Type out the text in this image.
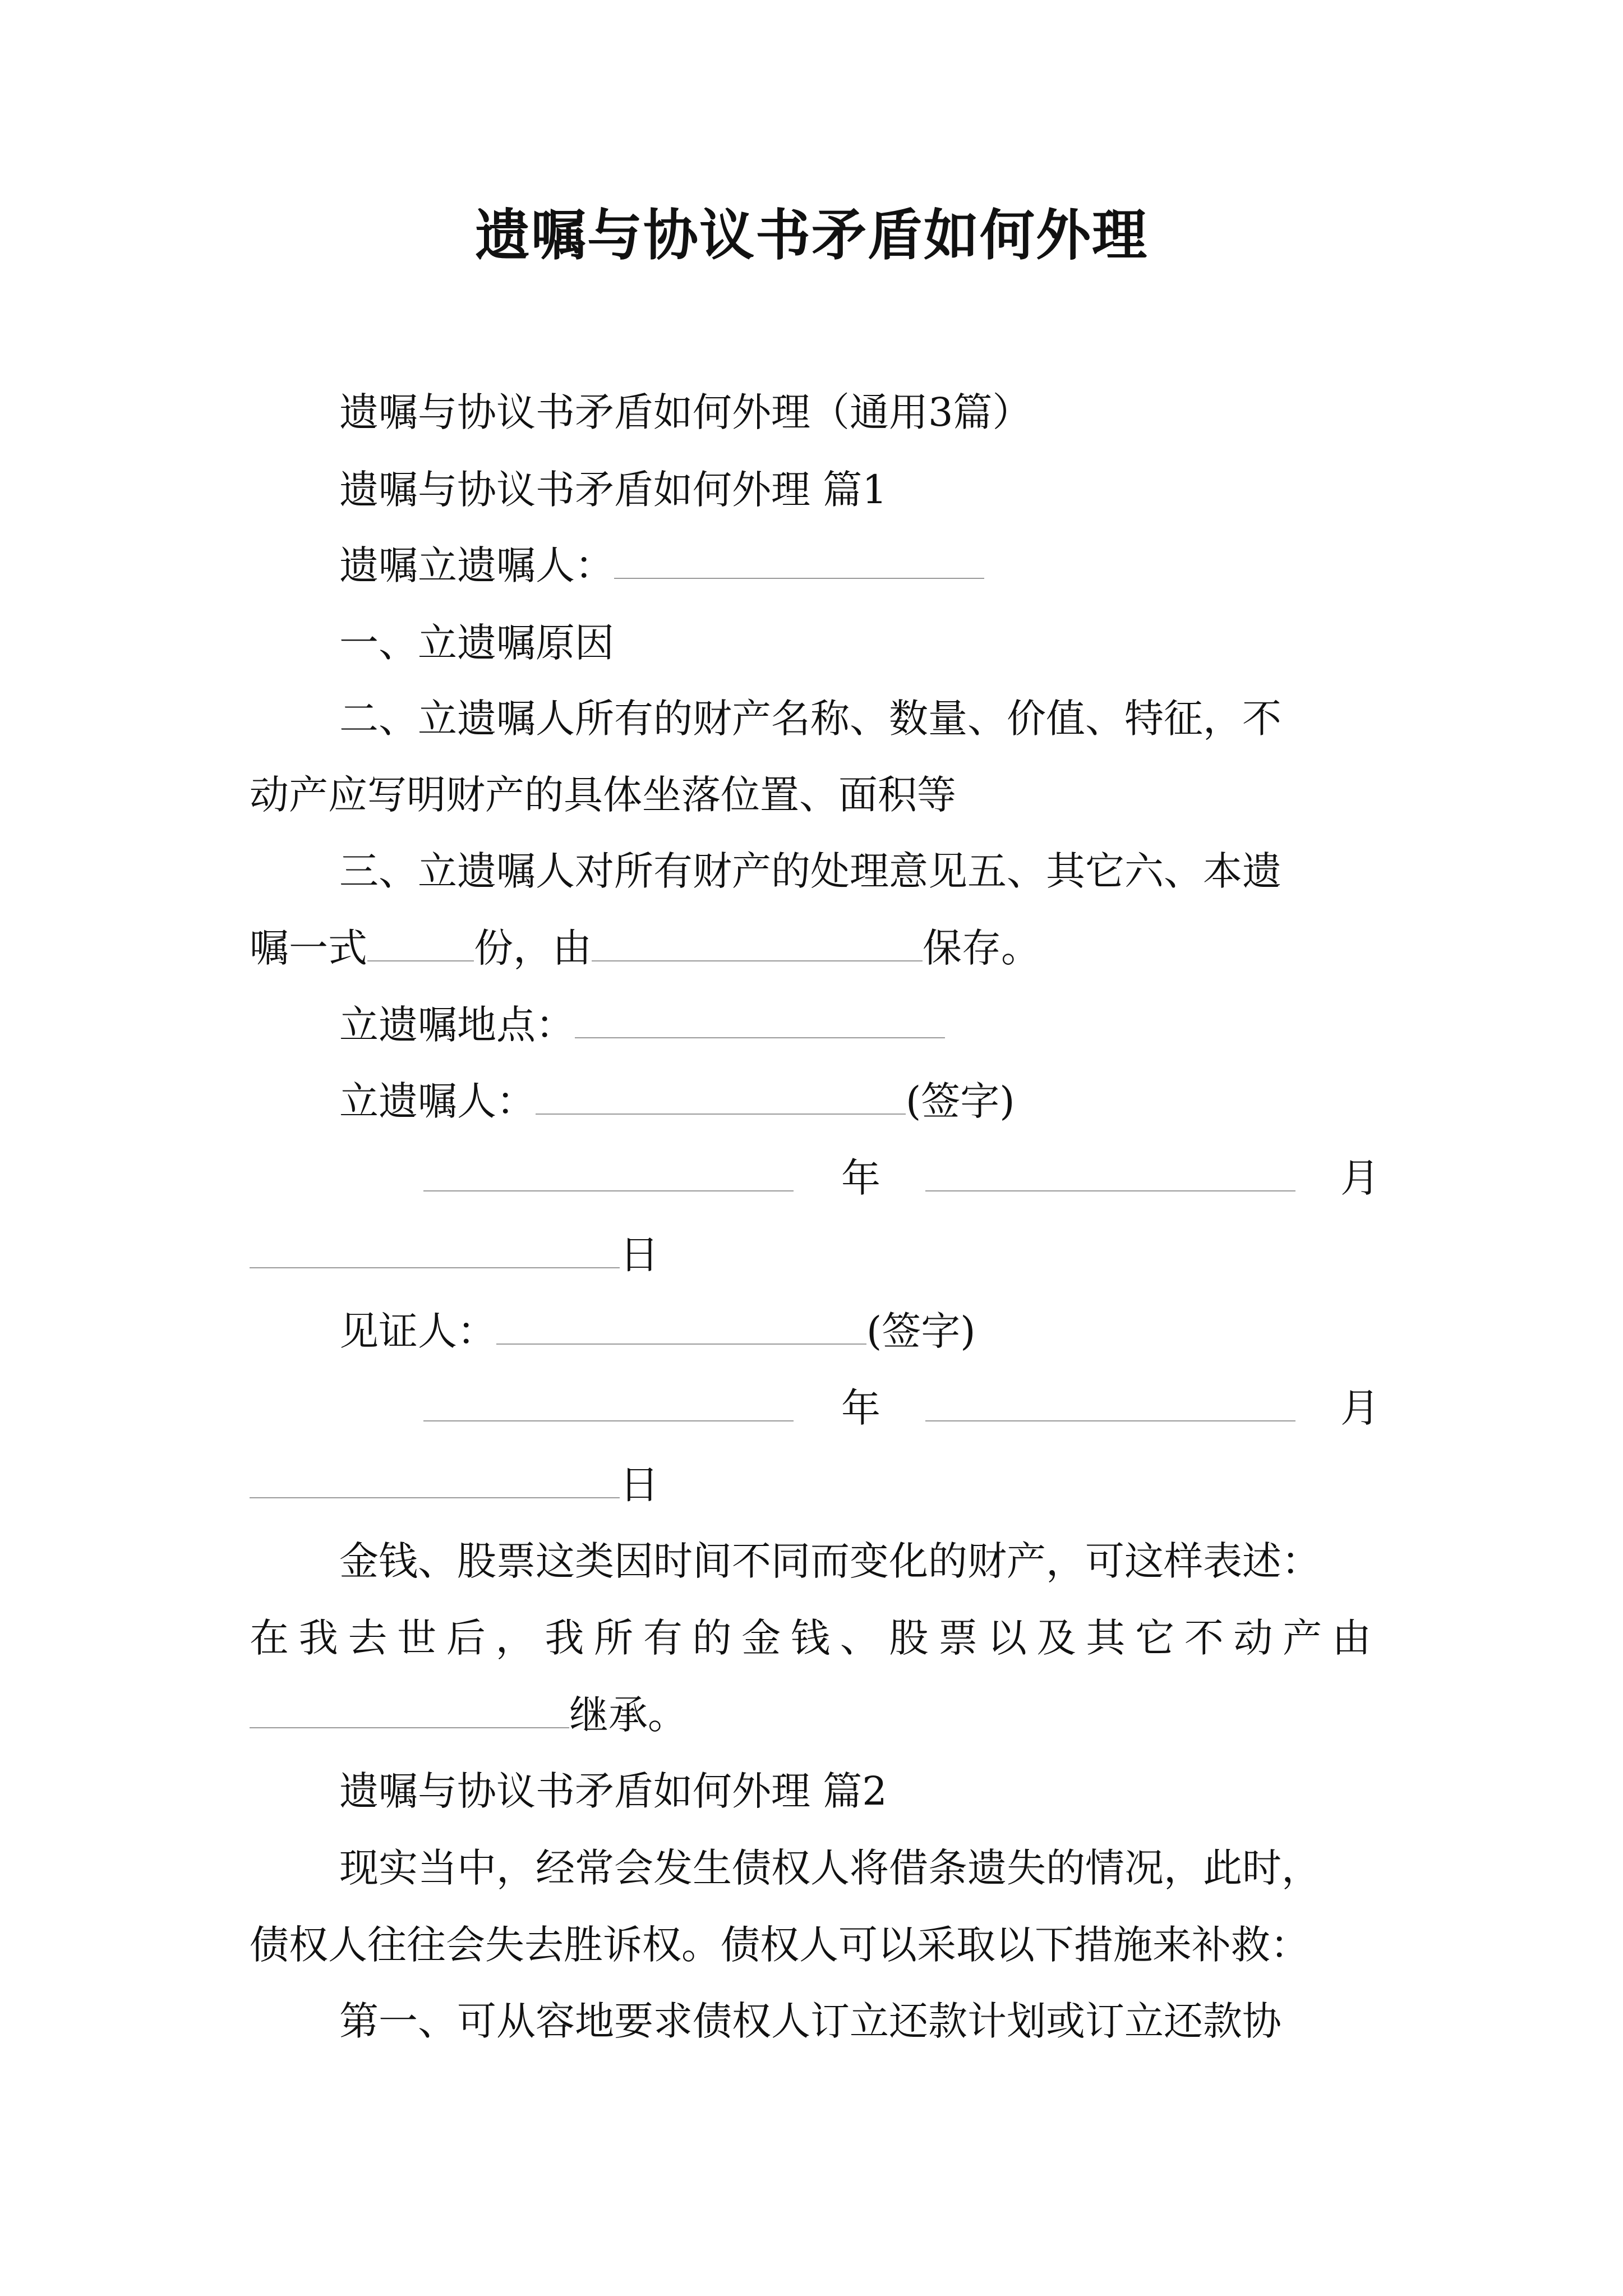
遗嘱与协议书矛盾如何外理
遗嘱与协议书矛盾如何外理（通用3篇）
遗嘱与协议书矛盾如何外理 篇1
遗嘱立遗嘱人：
一、立遗嘱原因
二、立遗嘱人所有的财产名称、数量、价值、特征，不
动产应写明财产的具体坐落位置、面积等
三、立遗嘱人对所有财产的处理意见五、其它六、本遗
嘱一式	份，由	保存。
立遗嘱地点：
立遗嘱人：	(签字)
年	月
日
见证人：	(签字)
年	月
日
金钱、股票这类因时间不同而变化的财产，可这样表述：
在我去世后，我所有的金钱、股票以及其它不动产由
继承。
遗嘱与协议书矛盾如何外理 篇2
现实当中，经常会发生债权人将借条遗失的情况，此时，
债权人往往会失去胜诉权。债权人可以采取以下措施来补救：
第一、可从容地要求债权人订立还款计划或订立还款协
